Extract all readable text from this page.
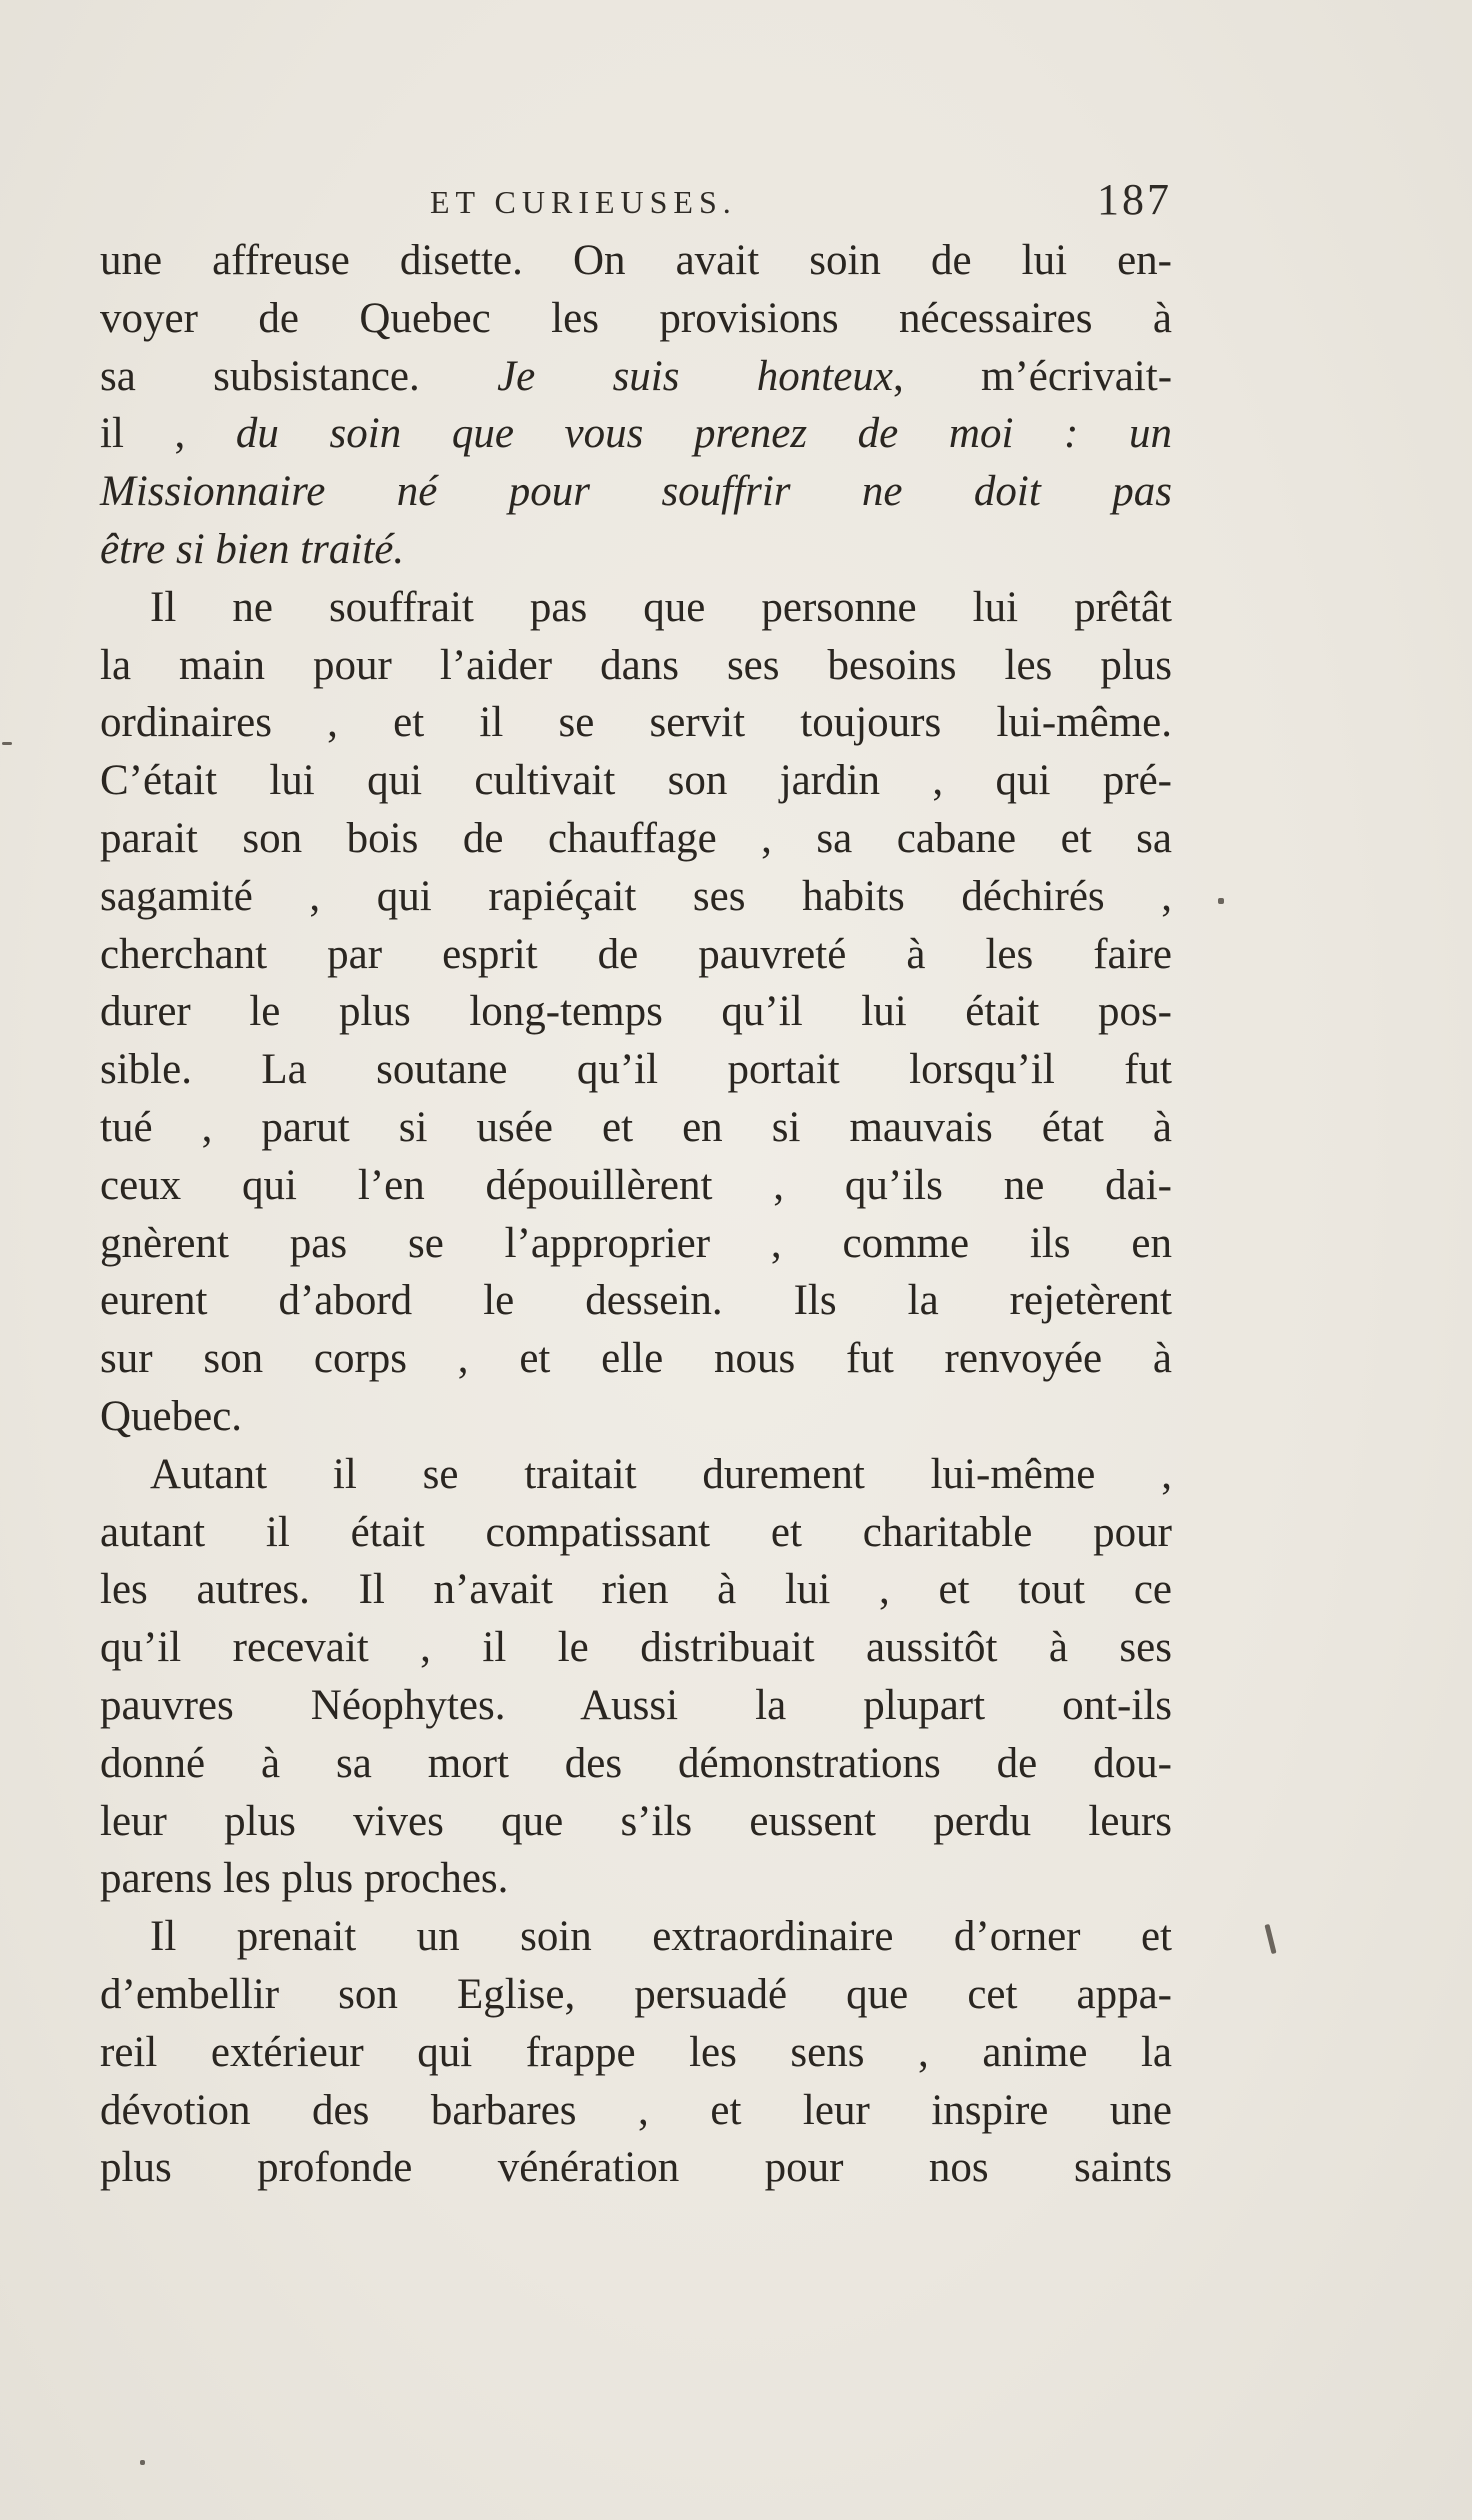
ET CURIEUSES.	187
une affreuse disette. On avait soin de lui en-
voyer de Quebec les provisions nécessaires à
sa subsistance. Je suis honteux, m’écrivait-
il , du soin que vous prenez de moi : un
Missionnaire né pour souffrir ne doit pas
être si bien traité.
Il ne souffrait pas que personne lui prêtât
la main pour l’aider dans ses besoins les plus
ordinaires , et il se servit toujours lui-même.
C’était lui qui cultivait son jardin , qui pré-
parait son bois de chauffage , sa cabane et sa
sagamité , qui rapiéçait ses habits déchirés ,
cherchant par esprit de pauvreté à les faire
durer le plus long-temps qu’il lui était pos-
sible. La soutane qu’il portait lorsqu’il fut
tué , parut si usée et en si mauvais état à
ceux qui l’en dépouillèrent , qu’ils ne dai-
gnèrent pas se l’approprier , comme ils en
eurent d’abord le dessein. Ils la rejetèrent
sur son corps , et elle nous fut renvoyée à
Quebec.
Autant il se traitait durement lui-même ,
autant il était compatissant et charitable pour
les autres. Il n’avait rien à lui , et tout ce
qu’il recevait , il le distribuait aussitôt à ses
pauvres Néophytes. Aussi la plupart ont-ils
donné à sa mort des démonstrations de dou-
leur plus vives que s’ils eussent perdu leurs
parens les plus proches.
Il prenait un soin extraordinaire d’orner et
d’embellir son Eglise, persuadé que cet appa-
reil extérieur qui frappe les sens , anime la
dévotion des barbares , et leur inspire une
plus profonde vénération pour nos saints
